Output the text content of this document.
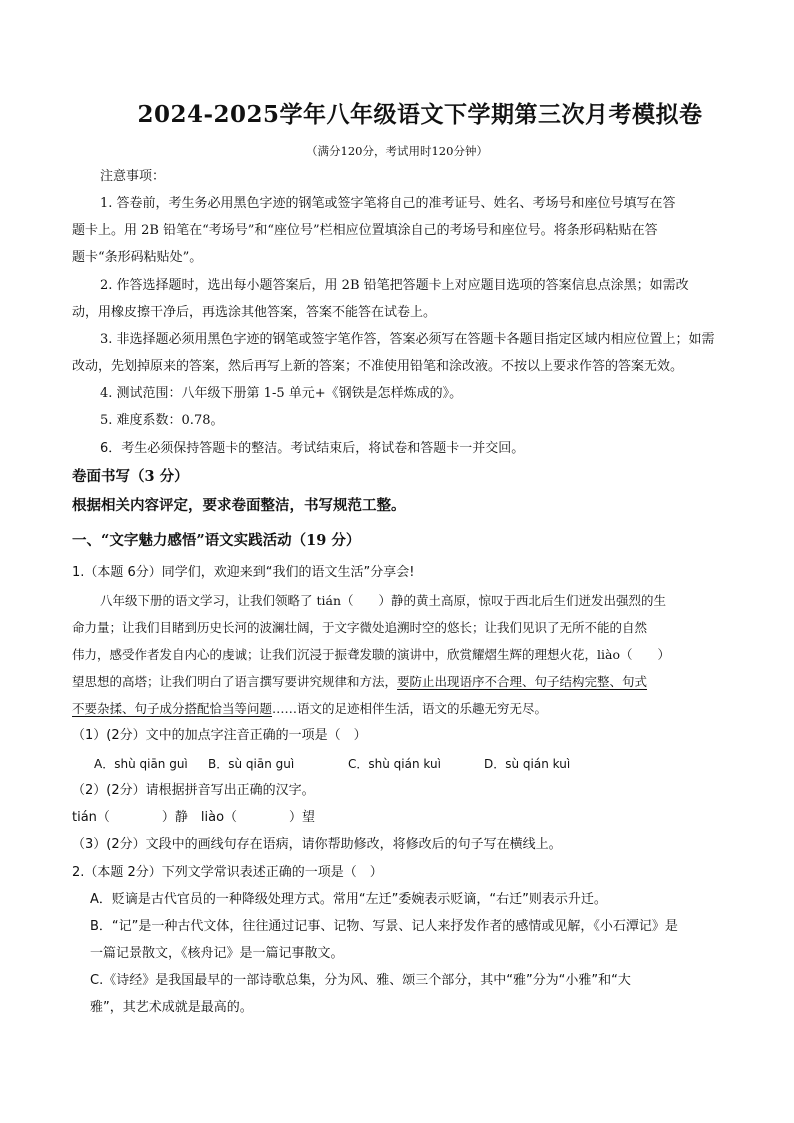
2024-2025学年八年级语文下学期第三次月考模拟卷
（满分120分，考试用时120分钟）
注意事项：
1. 答卷前，考生务必用黑色字迹的钢笔或签字笔将自己的准考证号、姓名、考场号和座位号填写在答
题卡上。用 2B 铅笔在“考场号”和“座位号”栏相应位置填涂自己的考场号和座位号。将条形码粘贴在答
题卡“条形码粘贴处”。
2. 作答选择题时，选出每小题答案后，用 2B 铅笔把答题卡上对应题目选项的答案信息点涂黑；如需改
动，用橡皮擦干净后，再选涂其他答案，答案不能答在试卷上。
3. 非选择题必须用黑色字迹的钢笔或签字笔作答，答案必须写在答题卡各题目指定区域内相应位置上；如需
改动，先划掉原来的答案，然后再写上新的答案；不准使用铅笔和涂改液。不按以上要求作答的答案无效。
4. 测试范围：八年级下册第 1-5 单元+《钢铁是怎样炼成的》。
5. 难度系数：0.78。
6．考生必须保持答题卡的整洁。考试结束后，将试卷和答题卡一并交回。
卷面书写（3 分）
根据相关内容评定，要求卷面整洁，书写规范工整。
一、“文字魅力感悟”语文实践活动（19 分）
1.（本题 6分）同学们，欢迎来到“我们的语文生活”分享会!
八年级下册的语文学习，让我们领略了 tián（　　）静的黄土高原，惊叹于西北后生们迸发出强烈的生
命力量；让我们目睹到历史长河的波澜壮阔，于文字微处追溯时空的悠长；让我们见识了无所不能的自然
伟力，感受作者发自内心的虔诚；让我们沉浸于振聋发聩的演讲中，欣赏耀熠生辉的理想火花，liào（　　）
望思想的高塔；让我们明白了语言撰写要讲究规律和方法，要防止出现语序不合理、句子结构完整、句式
不要杂揉、句子成分搭配恰当等问题……语文的足迹相伴生活，语文的乐趣无穷无尽。
（1）(2分）文中的加点字注音正确的一项是（　）
A．shù qiān guì B．sù qiān guì	C．shù qián kuì	D．sù qián kuì
（2）(2分）请根据拼音写出正确的汉字。
tián（　　　　）静　liào（　　　　）望
（3）(2分）文段中的画线句存在语病，请你帮助修改，将修改后的句子写在横线上。
2.（本题 2分）下列文学常识表述正确的一项是（　）
A．贬谪是古代官员的一种降级处理方式。常用“左迁”委婉表示贬谪，“右迁”则表示升迁。
B．“记”是一种古代文体，往往通过记事、记物、写景、记人来抒发作者的感情或见解，《小石潭记》是
一篇记景散文，《核舟记》是一篇记事散文。
C.《诗经》是我国最早的一部诗歌总集，分为风、雅、颂三个部分，其中“雅”分为“小雅”和“大
雅”，其艺术成就是最高的。
